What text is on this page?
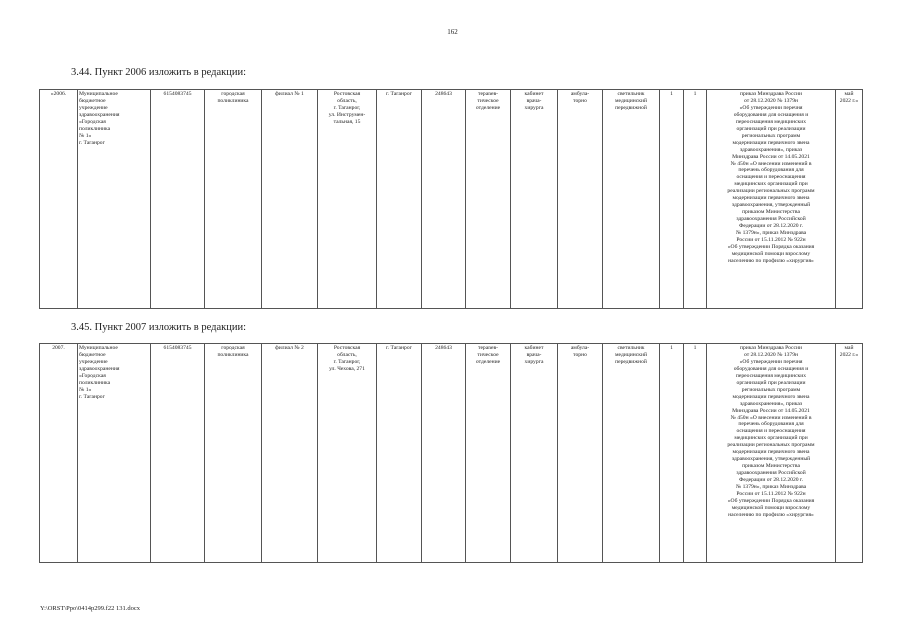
162
3.44. Пункт 2006 изложить в редакции:
«2006.	Муниципальное
бюджетное
учреждение
здравоохранения
«Городская
поликлиника
№ 1»
г. Таганрог	6154083745	городская
поликлиника	филиал № 1	Ростовская
область,
г. Таганрог,
ул. Инструмен-
тальная, 15	г. Таганрог	248643	тераnев-
тическое
отделение	кабинет
врача-
хирурга	амбула-
торно	светильник
медицинский
передвижной	1	1	приказ Минздрава России
от 28.12.2020 № 1379н
«Об утверждении перечня
оборудования для оснащения и
переоснащения медицинских
организаций при реализации
региональных программ
модернизации первичного звена
здравоохранения», приказ
Минздрава России от 14.05.2021
№ 450н «О внесении изменений в
перечень оборудования для
оснащения и переоснащения
медицинских организаций при
реализации региональных программ
модернизации первичного звена
здравоохранения, утвержденный
приказом Министерства
здравоохранения Российской
Федерации от 28.12.2020 г.
№ 1379н», приказ Минздрава
России от 15.11.2012 № 922н
«Об утверждении Порядка оказания
медицинской помощи взрослому
населению по профилю «хирургия»	май
2022 г.»
3.45. Пункт 2007 изложить в редакции:
2007.	Муниципальное
бюджетное
учреждение
здравоохранения
«Городская
поликлиника
№ 1»
г. Таганрог	6154083745	городская
поликлиника	филиал № 2	Ростовская
область,
г. Таганрог,
ул. Чехова, 271	г. Таганрог	248643	тераnев-
тическое
отделение	кабинет
врача-
хирурга	амбула-
торно	светильник
медицинский
передвижной	1	1	приказ Минздрава России
от 28.12.2020 № 1379н
«Об утверждении перечня
оборудования для оснащения и
переоснащения медицинских
организаций при реализации
региональных программ
модернизации первичного звена
здравоохранения», приказ
Минздрава России от 14.05.2021
№ 450н «О внесении изменений в
перечень оборудования для
оснащения и переоснащения
медицинских организаций при
реализации региональных программ
модернизации первичного звена
здравоохранения, утвержденный
приказом Министерства
здравоохранения Российской
Федерации от 28.12.2020 г.
№ 1379н», приказ Минздрава
России от 15.11.2012 № 922н
«Об утверждении Порядка оказания
медицинской помощи взрослому
населению по профилю «хирургия»	май
2022 г.»
Y:\ORST\Ppo\0414p299.f22 131.docx
